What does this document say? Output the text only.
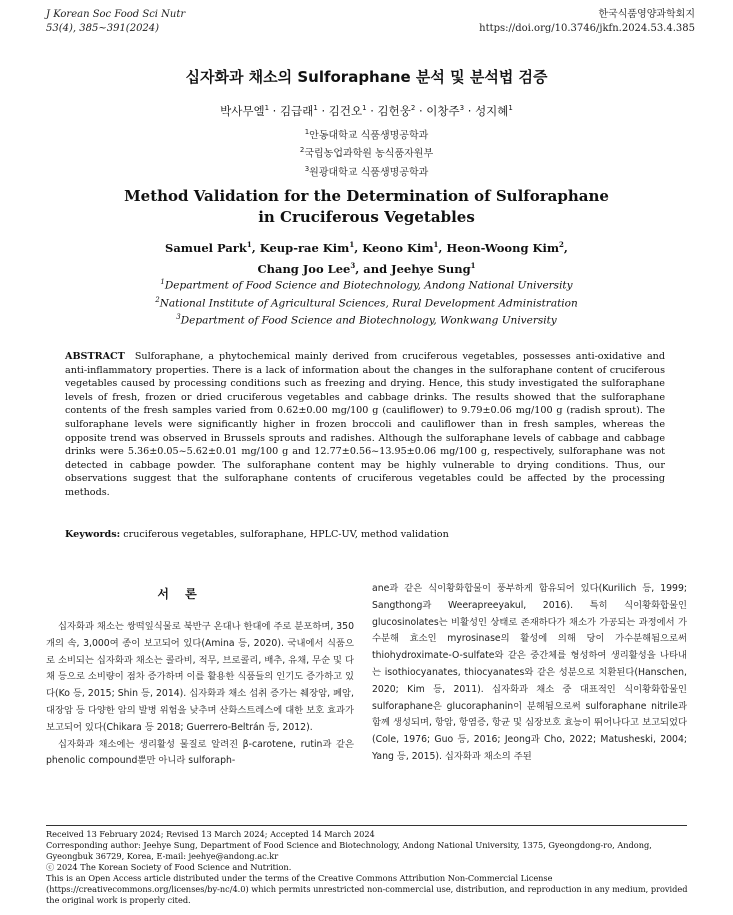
J Korean Soc Food Sci Nutr
53(4), 385~391(2024)
한국식품영양과학회지
https://doi.org/10.3746/jkfn.2024.53.4.385
십자화과 채소의 Sulforaphane 분석 및 분석법 검증
박사무엘$^1$ · 김급래$^1$ · 김건오$^1$ · 김헌웅$^2$ · 이창주$^3$ · 성지혜$^1$
$^1$안동대학교 식품생명공학과
$^2$국립농업과학원 농식품자원부
$^3$원광대학교 식품생명공학과
Method Validation for the Determination of Sulforaphane
in Cruciferous Vegetables
Samuel Park$^1$, Keup-rae Kim$^1$, Keono Kim$^1$, Heon-Woong Kim$^2$,
Chang Joo Lee$^3$, and Jeehye Sung$^1$
$^1$Department of Food Science and Biotechnology, Andong National University
$^2$National Institute of Agricultural Sciences, Rural Development Administration
$^3$Department of Food Science and Biotechnology, Wonkwang University
ABSTRACT Sulforaphane, a phytochemical mainly derived from cruciferous vegetables, possesses anti-oxidative and anti-inflammatory properties. There is a lack of information about the changes in the sulforaphane content of cruciferous vegetables caused by processing conditions such as freezing and drying. Hence, this study investigated the sulforaphane levels of fresh, frozen or dried cruciferous vegetables and cabbage drinks. The results showed that the sulforaphane contents of the fresh samples varied from 0.62±0.00 mg/100 g (cauliflower) to 9.79±0.06 mg/100 g (radish sprout). The sulforaphane levels were significantly higher in frozen broccoli and cauliflower than in fresh samples, whereas the opposite trend was observed in Brussels sprouts and radishes. Although the sulforaphane levels of cabbage and cabbage drinks were 5.36±0.05~5.62±0.01 mg/100 g and 12.77±0.56~13.95±0.06 mg/100 g, respectively, sulforaphane was not detected in cabbage powder. The sulforaphane content may be highly vulnerable to drying conditions. Thus, our observations suggest that the sulforaphane contents of cruciferous vegetables could be affected by the processing methods.
Keywords: cruciferous vegetables, sulforaphane, HPLC-UV, method validation
서 론

십자화과 채소는 쌍떡잎식물로 북반구 온대나 한대에 주로 분포하며, 350개의 속, 3,000여 종이 보고되어 있다(Amina 등, 2020). 국내에서 식품으로 소비되는 십자화과 채소는 콜라비, 적무, 브로콜리, 배추, 유채, 무순 및 다채 등으로 소비량이 점차 증가하며 이를 활용한 식품들의 인기도 증가하고 있다(Ko 등, 2015; Shin 등, 2014). 십자화과 채소 섭취 증가는 췌장암, 폐암, 대장암 등 다양한 암의 발병 위험을 낮추며 산화스트레스에 대한 보호 효과가 보고되어 있다(Chikara 등 2018; Guerrero-Beltrán 등, 2012).

십자화과 채소에는 생리활성 물질로 알려진 β-carotene, rutin과 같은 phenolic compound뿐만 아니라 sulforaph-

ane과 같은 식이황화합물이 풍부하게 함유되어 있다(Kurilich 등, 1999; Sangthong과 Weerapreeyakul, 2016). 특히 식이황화합물인 glucosinolates는 비활성인 상태로 존재하다가 채소가 가공되는 과정에서 가수분해 효소인 myrosinase의 활성에 의해 당이 가수분해됨으로써 thiohydroximate-O-sulfate와 같은 중간체를 형성하여 생리활성을 나타내는 isothiocyanates, thiocyanates와 같은 성분으로 치환된다(Hanschen, 2020; Kim 등, 2011). 십자화과 채소 중 대표적인 식이황화합물인 sulforaphane은 glucoraphanin이 분해됨으로써 sulforaphane nitrile과 함께 생성되며, 항암, 항염증, 항균 및 심장보호 효능이 뛰어나다고 보고되었다(Cole, 1976; Guo 등, 2016; Jeong과 Cho, 2022; Matusheski, 2004; Yang 등, 2015). 십자화과 채소의 주된

Received 13 February 2024; Revised 13 March 2024; Accepted 14 March 2024
Corresponding author: Jeehye Sung, Department of Food Science and Biotechnology, Andong National University, 1375, Gyeongdong-ro, Andong, Gyeongbuk 36729, Korea, E-mail: jeehye@andong.ac.kr
ⓒ 2024 The Korean Society of Food Science and Nutrition.
This is an Open Access article distributed under the terms of the Creative Commons Attribution Non-Commercial License (https://creativecommons.org/licenses/by-nc/4.0) which permits unrestricted non-commercial use, distribution, and reproduction in any medium, provided the original work is properly cited.
